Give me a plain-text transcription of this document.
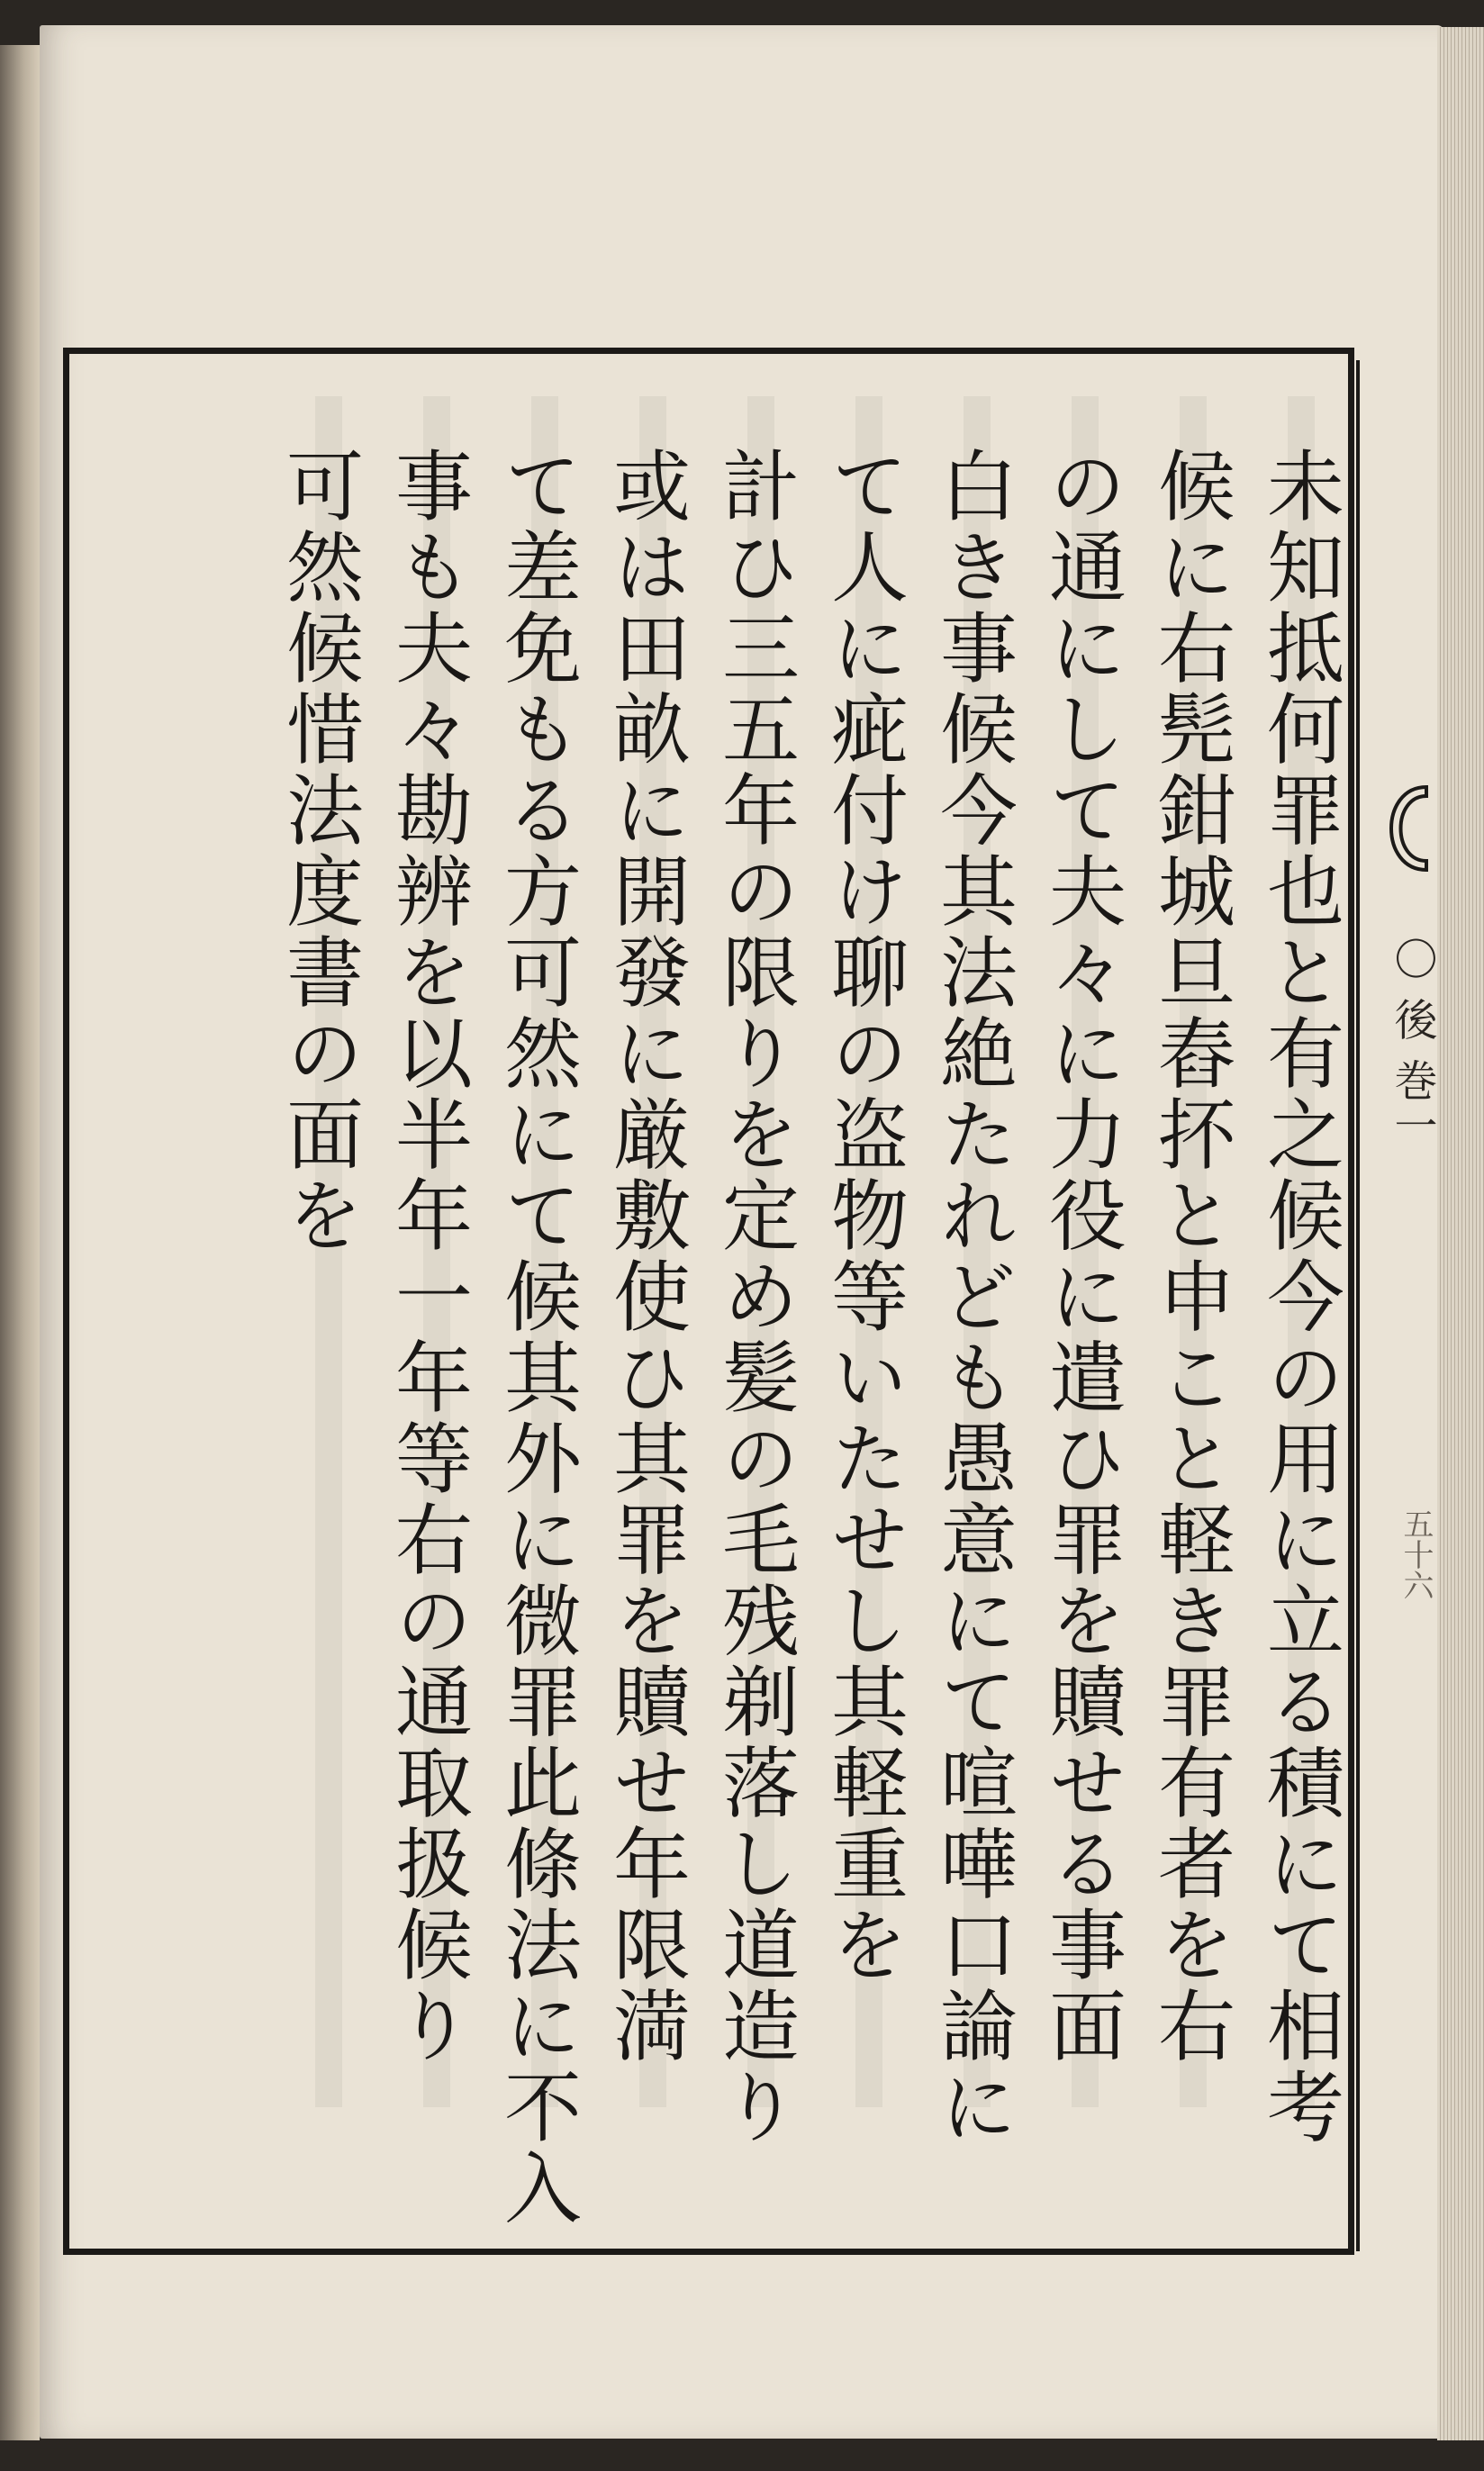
〇 後 巻一
五十六
未知抵何罪也と有之候今の用に立る積にて相考
候に右髡鉗城旦舂抔と申こと軽き罪有者を右
の通にして夫々に力役に遣ひ罪を贖せる事面
白き事候今其法絶たれども愚意にて喧嘩口論に
て人に疵付け聊の盗物等いたせし其軽重を
計ひ三五年の限りを定め髪の毛残剃落し道造り
或は田畝に開發に厳敷使ひ其罪を贖せ年限満
て差免もる方可然にて候其外に微罪此條法に不入
事も夫々勘辨を以半年一年等右の通取扱候り
可然候惜法度書の面を
